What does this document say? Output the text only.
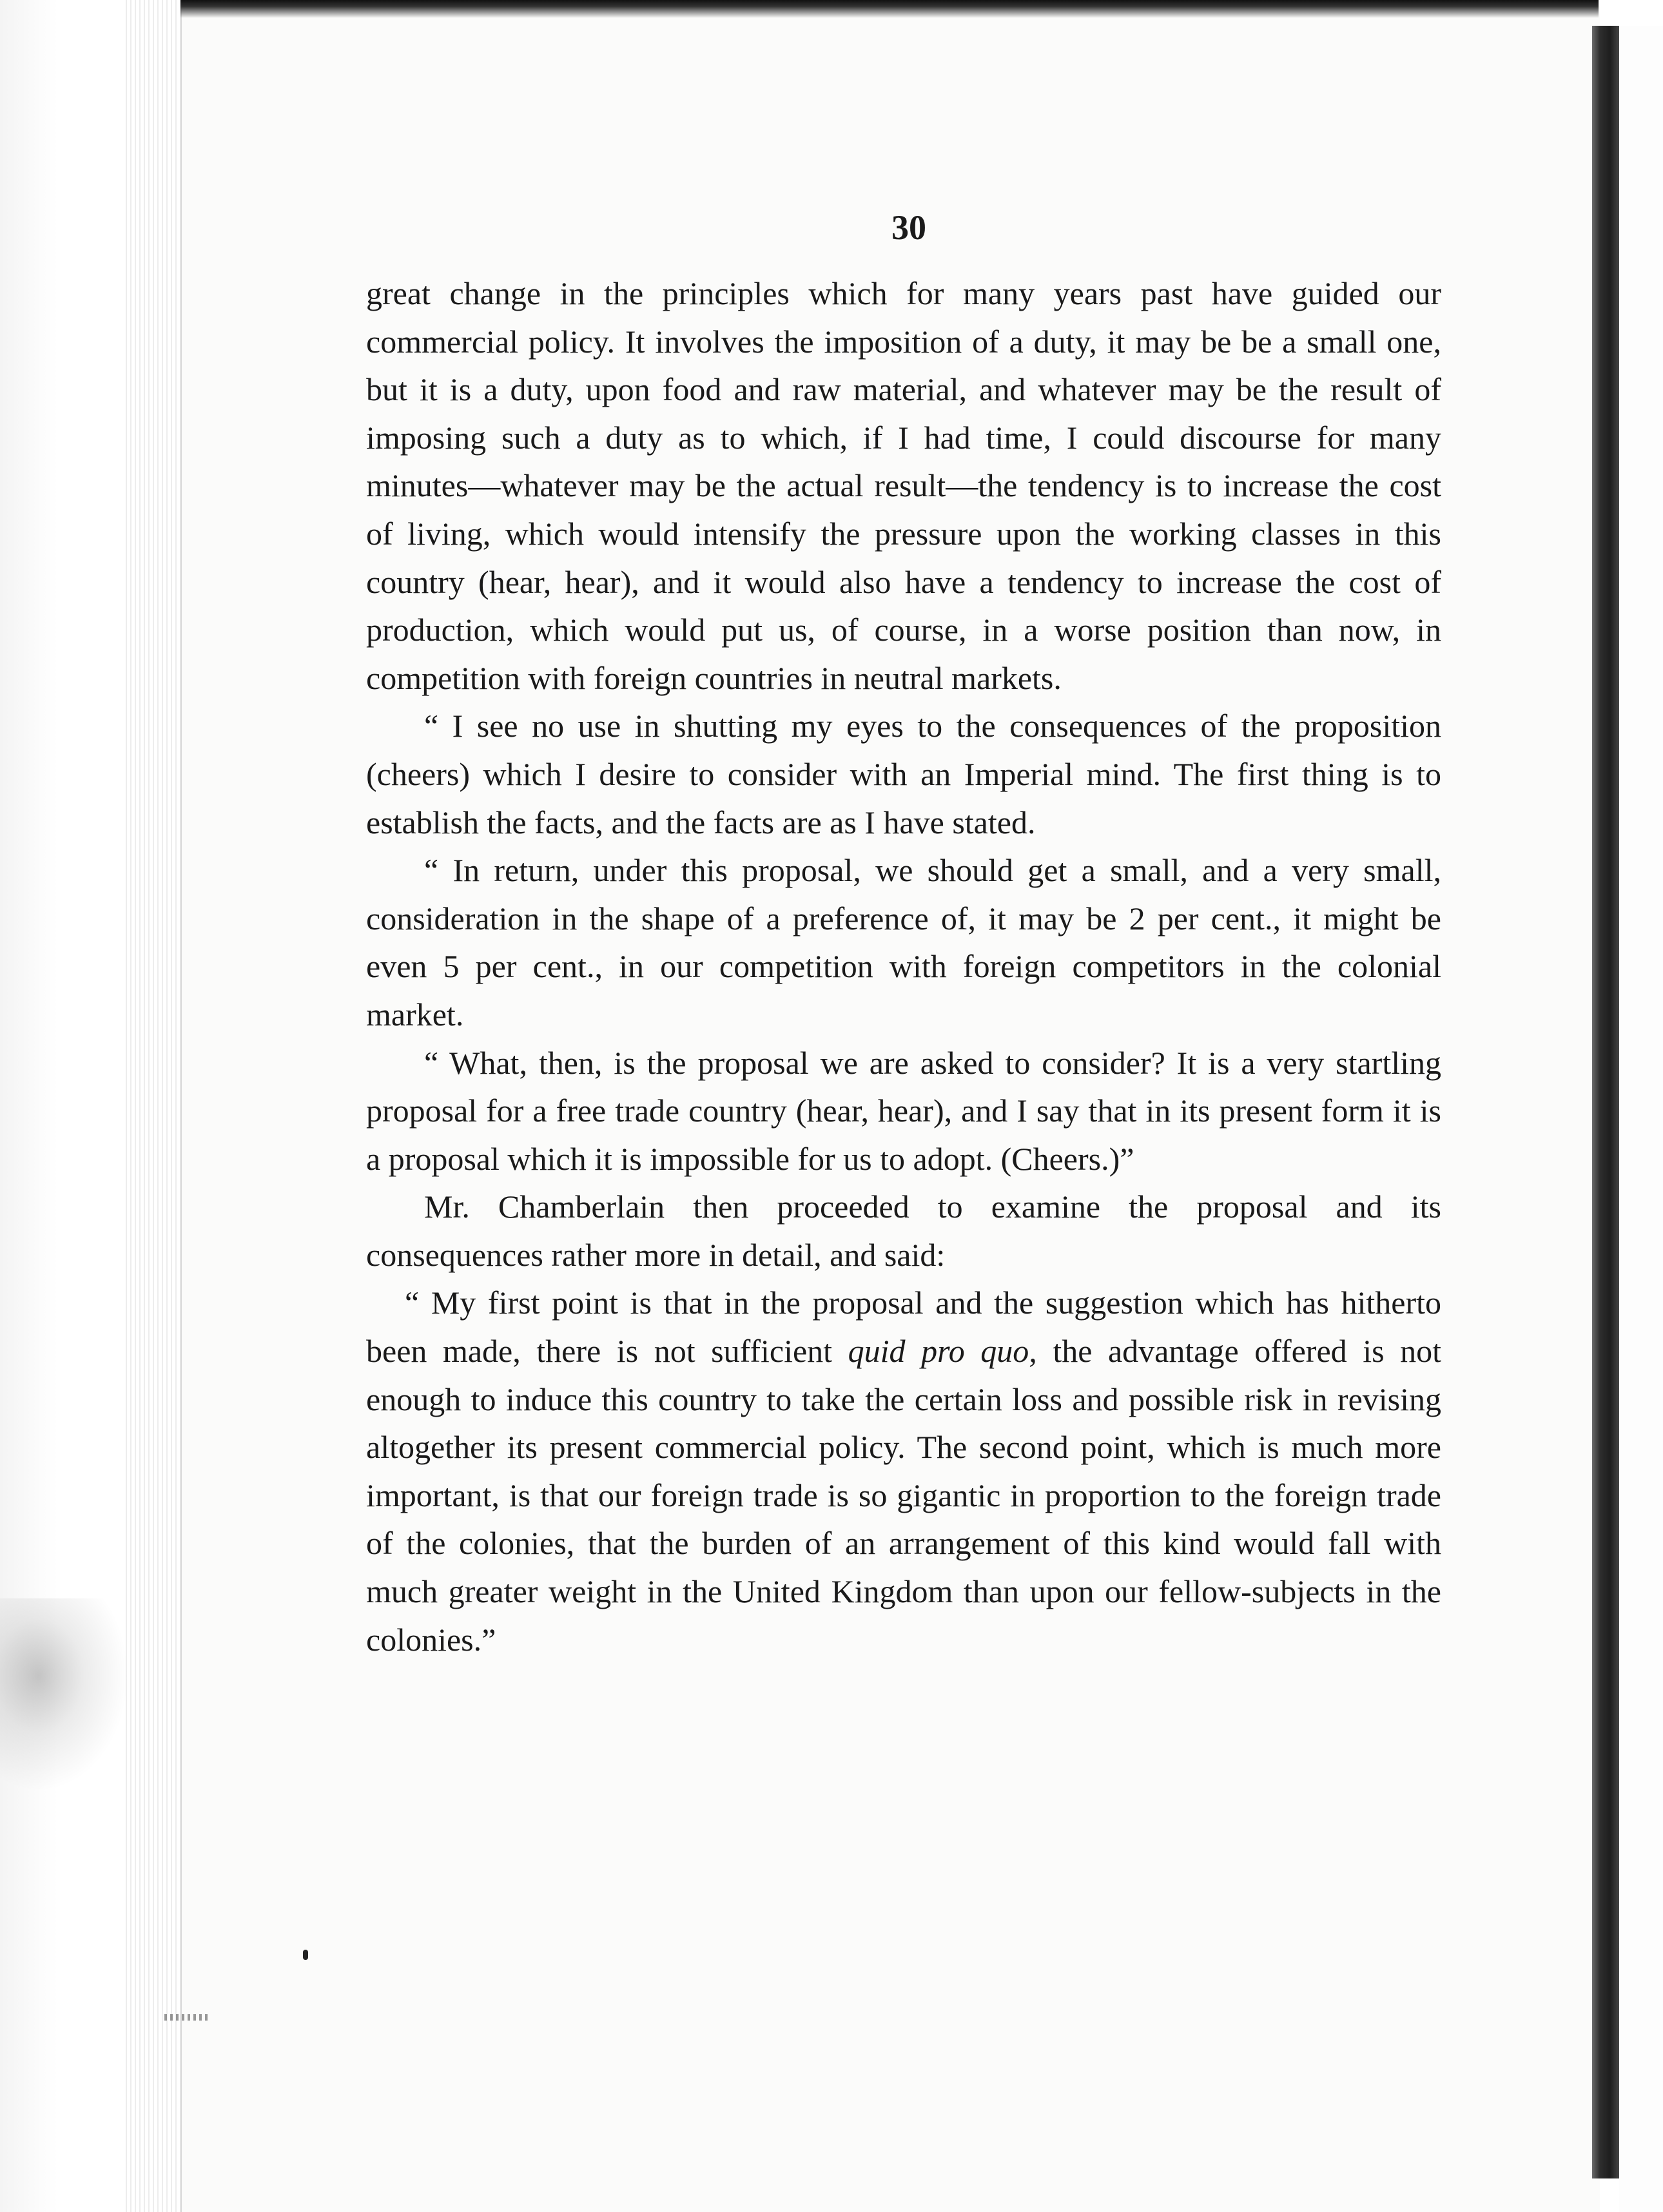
30

great change in the principles which for many years past have guided our commercial policy. It involves the imposition of a duty, it may be be a small one, but it is a duty, upon food and raw material, and whatever may be the result of imposing such a duty as to which, if I had time, I could discourse for many minutes—whatever may be the actual result—the tendency is to increase the cost of living, which would intensify the pressure upon the working classes in this country (hear, hear), and it would also have a tendency to increase the cost of production, which would put us, of course, in a worse position than now, in competition with foreign countries in neutral markets.

“ I see no use in shutting my eyes to the consequences of the proposition (cheers) which I desire to consider with an Imperial mind. The first thing is to establish the facts, and the facts are as I have stated.

“ In return, under this proposal, we should get a small, and a very small, consideration in the shape of a preference of, it may be 2 per cent., it might be even 5 per cent., in our competition with foreign competitors in the colonial market.

“ What, then, is the proposal we are asked to consider? It is a very startling proposal for a free trade country (hear, hear), and I say that in its present form it is a proposal which it is impossible for us to adopt. (Cheers.)”

Mr. Chamberlain then proceeded to examine the proposal and its consequences rather more in detail, and said:

“ My first point is that in the proposal and the suggestion which has hitherto been made, there is not sufficient quid pro quo, the advantage offered is not enough to induce this country to take the certain loss and possible risk in revising altogether its present commercial policy. The second point, which is much more important, is that our foreign trade is so gigantic in proportion to the foreign trade of the colonies, that the burden of an arrangement of this kind would fall with much greater weight in the United Kingdom than upon our fellow-subjects in the colonies.”
